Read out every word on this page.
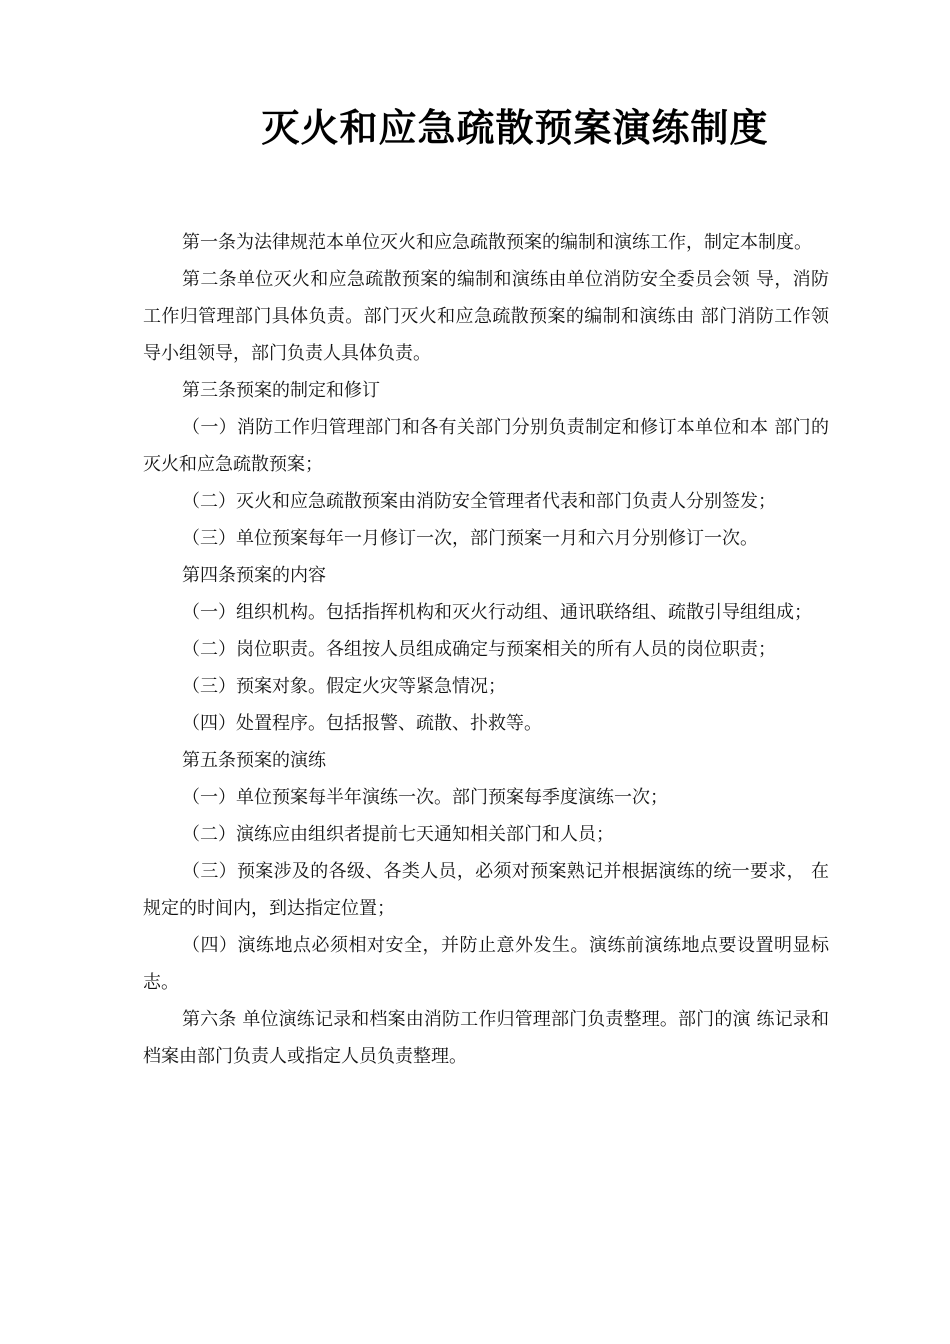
灭火和应急疏散预案演练制度

第一条为法律规范本单位灭火和应急疏散预案的编制和演练工作，制定本制度。

第二条单位灭火和应急疏散预案的编制和演练由单位消防安全委员会领 导，消防工作归管理部门具体负责。部门灭火和应急疏散预案的编制和演练由 部门消防工作领导小组领导，部门负责人具体负责。

第三条预案的制定和修订

（一）消防工作归管理部门和各有关部门分别负责制定和修订本单位和本 部门的灭火和应急疏散预案；

（二）灭火和应急疏散预案由消防安全管理者代表和部门负责人分别签发；

（三）单位预案每年一月修订一次，部门预案一月和六月分别修订一次。

第四条预案的内容

（一）组织机构。包括指挥机构和灭火行动组、通讯联络组、疏散引导组组成；

（二）岗位职责。各组按人员组成确定与预案相关的所有人员的岗位职责；

（三）预案对象。假定火灾等紧急情况；

（四）处置程序。包括报警、疏散、扑救等。

第五条预案的演练

（一）单位预案每半年演练一次。部门预案每季度演练一次；

（二）演练应由组织者提前七天通知相关部门和人员；

（三）预案涉及的各级、各类人员，必须对预案熟记并根据演练的统一要求， 在规定的时间内，到达指定位置；

（四）演练地点必须相对安全，并防止意外发生。演练前演练地点要设置明显标志。

第六条 单位演练记录和档案由消防工作归管理部门负责整理。部门的演 练记录和档案由部门负责人或指定人员负责整理。
